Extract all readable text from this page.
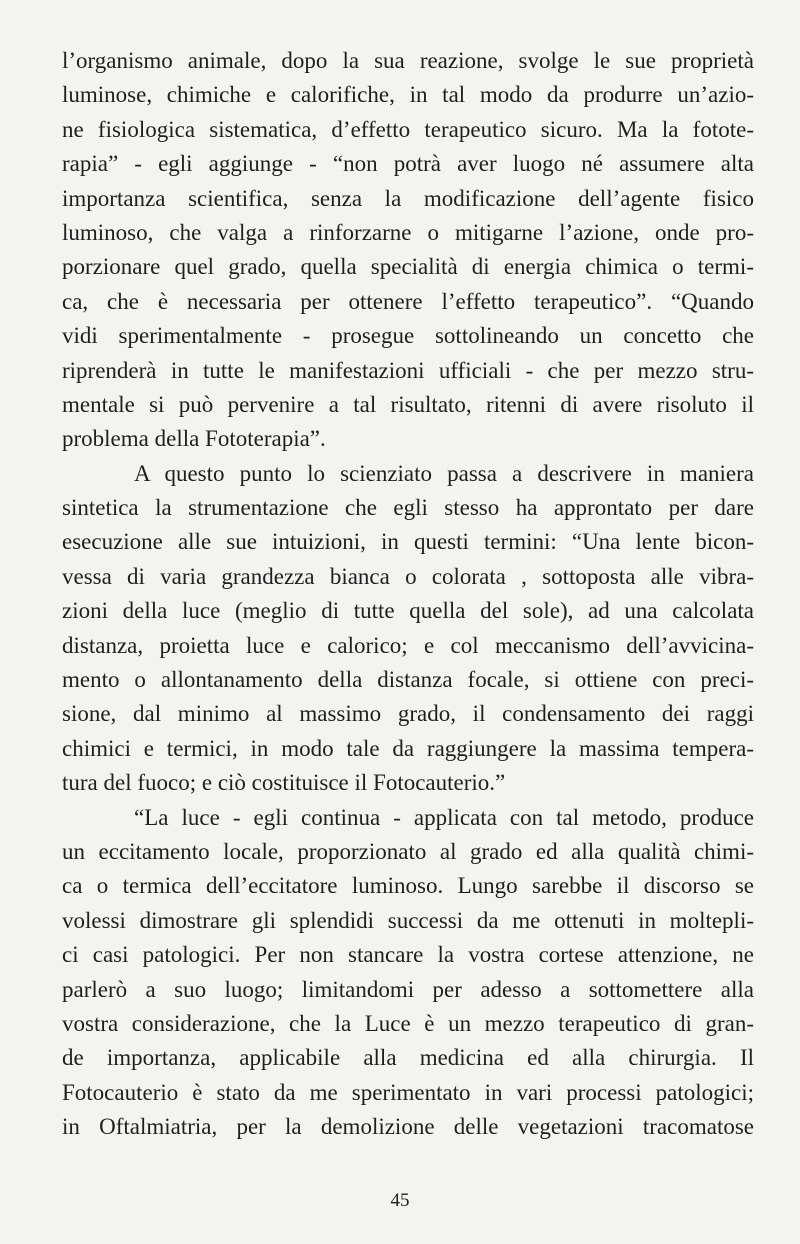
l’organismo animale, dopo la sua reazione, svolge le sue proprietà
luminose, chimiche e calorifiche, in tal modo da produrre un’azio-
ne fisiologica sistematica, d’effetto terapeutico sicuro. Ma la fotote-
rapia” - egli aggiunge - “non potrà aver luogo né assumere alta
importanza scientifica, senza la modificazione dell’agente fisico
luminoso, che valga a rinforzarne o mitigarne l’azione, onde pro-
porzionare quel grado, quella specialità di energia chimica o termi-
ca, che è necessaria per ottenere l’effetto terapeutico”. “Quando
vidi sperimentalmente - prosegue sottolineando un concetto che
riprenderà in tutte le manifestazioni ufficiali - che per mezzo stru-
mentale si può pervenire a tal risultato, ritenni di avere risoluto il
problema della Fototerapia”.
A questo punto lo scienziato passa a descrivere in maniera
sintetica la strumentazione che egli stesso ha approntato per dare
esecuzione alle sue intuizioni, in questi termini: “Una lente bicon-
vessa di varia grandezza bianca o colorata , sottoposta alle vibra-
zioni della luce (meglio di tutte quella del sole), ad una calcolata
distanza, proietta luce e calorico; e col meccanismo dell’avvicina-
mento o allontanamento della distanza focale, si ottiene con preci-
sione, dal minimo al massimo grado, il condensamento dei raggi
chimici e termici, in modo tale da raggiungere la massima tempera-
tura del fuoco; e ciò costituisce il Fotocauterio.”
“La luce - egli continua - applicata con tal metodo, produce
un eccitamento locale, proporzionato al grado ed alla qualità chimi-
ca o termica dell’eccitatore luminoso. Lungo sarebbe il discorso se
volessi dimostrare gli splendidi successi da me ottenuti in moltepli-
ci casi patologici. Per non stancare la vostra cortese attenzione, ne
parlerò a suo luogo; limitandomi per adesso a sottomettere alla
vostra considerazione, che la Luce è un mezzo terapeutico di gran-
de importanza, applicabile alla medicina ed alla chirurgia. Il
Fotocauterio è stato da me sperimentato in vari processi patologici;
in Oftalmiatria, per la demolizione delle vegetazioni tracomatose
45
